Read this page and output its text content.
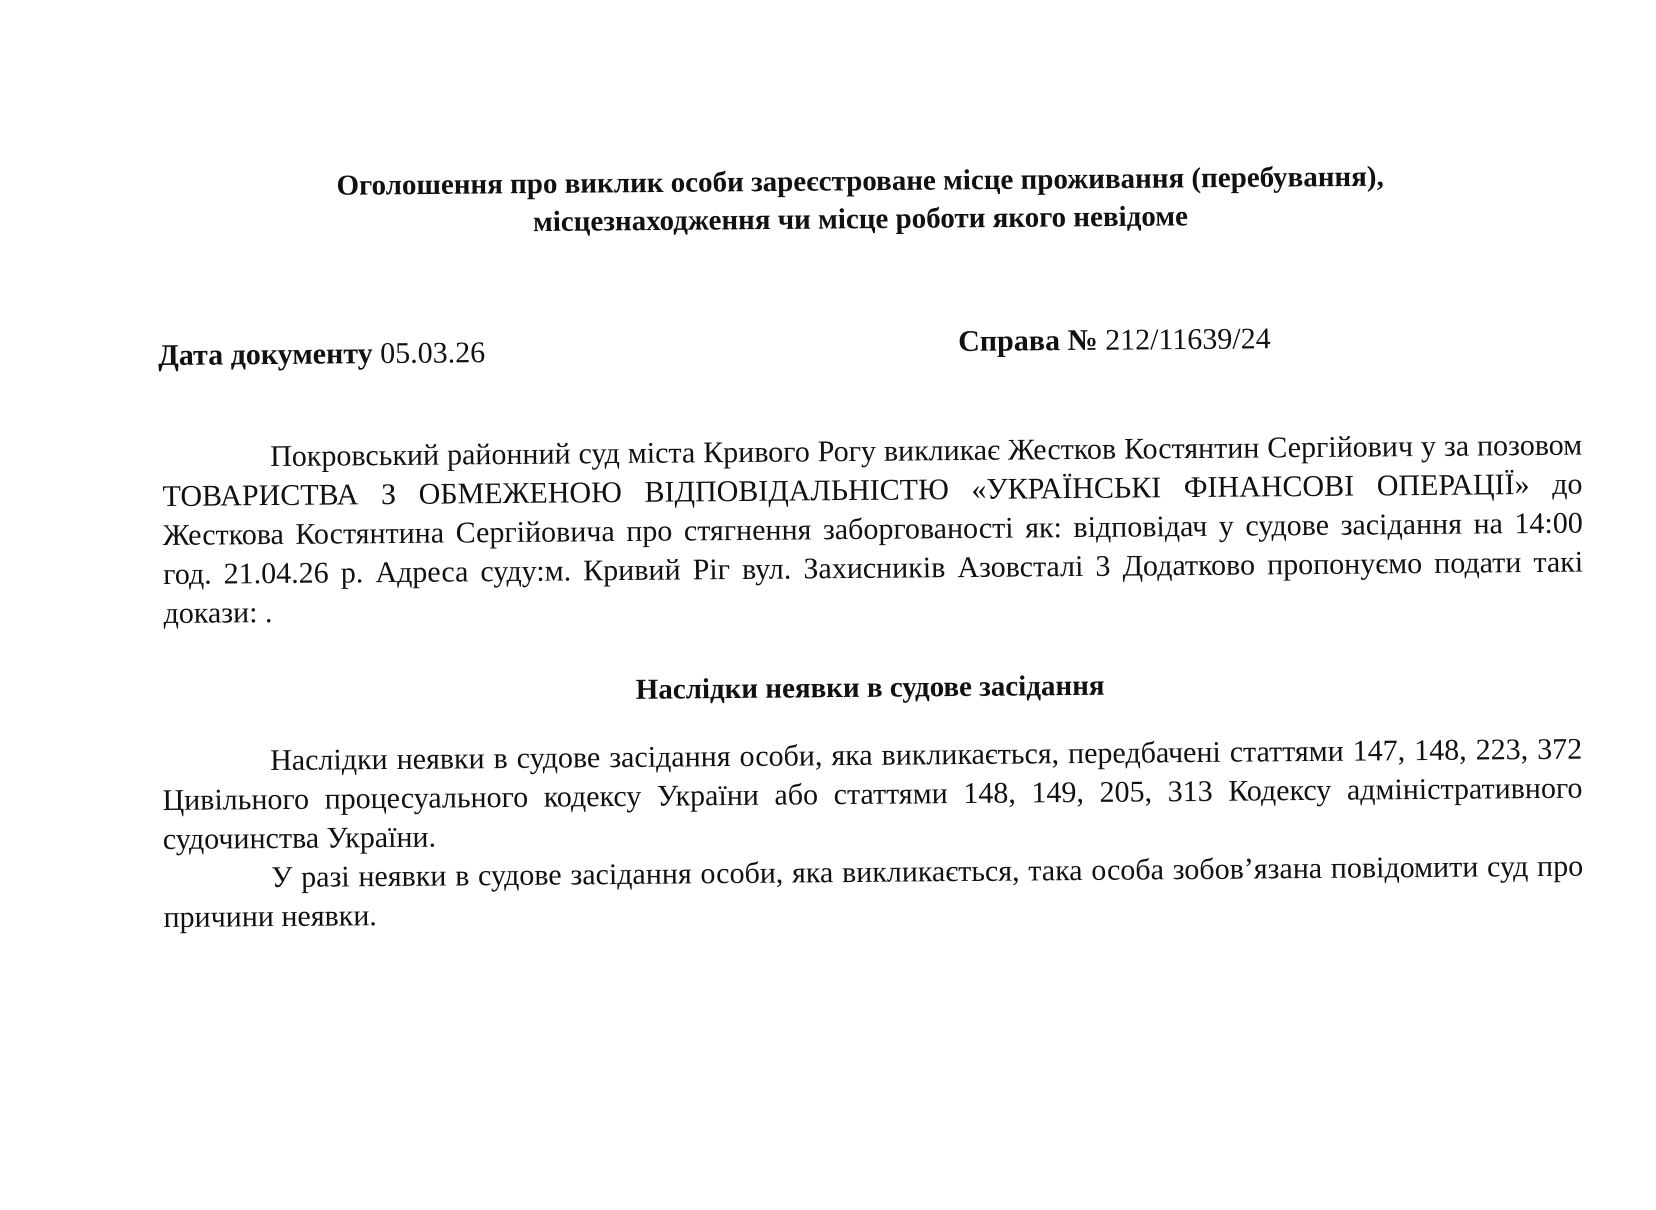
Оголошення про виклик особи зареєстроване місце проживання (перебування),
місцезнаходження чи місце роботи якого невідоме
Дата документу 05.03.26	Справа № 212/11639/24
Покровський районний суд міста Кривого Рогу викликає Жестков Костянтин Сергійович у за позовом ТОВАРИСТВА З ОБМЕЖЕНОЮ ВІДПОВІДАЛЬНІСТЮ «УКРАЇНСЬКІ ФІНАНСОВІ ОПЕРАЦІЇ» до Жесткова Костянтина Сергійовича про стягнення заборгованості як: відповідач у судове засідання на 14:00 год. 21.04.26 р. Адреса суду:м. Кривий Ріг вул. Захисників Азовсталі 3 Додатково пропонуємо подати такі докази: .
Наслідки неявки в судове засідання

Наслідки неявки в судове засідання особи, яка викликається, передбачені статтями 147, 148, 223, 372 Цивільного процесуального кодексу України або статтями 148, 149, 205, 313 Кодексу адміністративного судочинства України.

У разі неявки в судове засідання особи, яка викликається, така особа зобов’язана повідомити суд про причини неявки.
